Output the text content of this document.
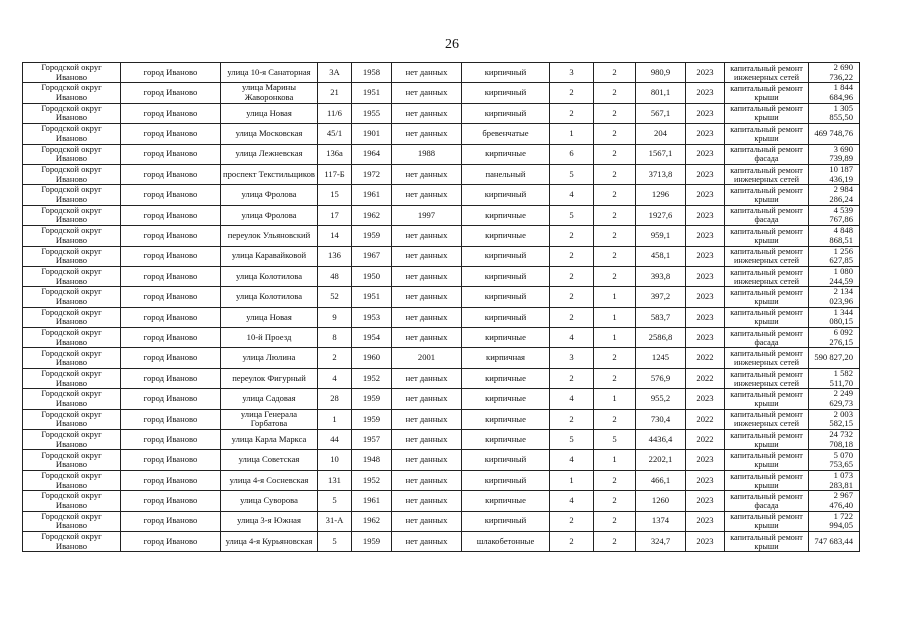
26
Городской округ Иваново	город Иваново	улица 10-я Санаторная	3А	1958	нет данных	кирпичный	3	2	980,9	2023	капитальный ремонт инженерных сетей	2 690 736,22
Городской округ Иваново	город Иваново	улица Марины Жаворонкова	21	1951	нет данных	кирпичный	2	2	801,1	2023	капитальный ремонт крыши	1 844 684,96
Городской округ Иваново	город Иваново	улица Новая	11/6	1955	нет данных	кирпичный	2	2	567,1	2023	капитальный ремонт крыши	1 305 855,50
Городской округ Иваново	город Иваново	улица Московская	45/1	1901	нет данных	бревенчатые	1	2	204	2023	капитальный ремонт крыши	469 748,76
Городской округ Иваново	город Иваново	улица Лежневская	136а	1964	1988	кирпичные	6	2	1567,1	2023	капитальный ремонт фасада	3 690 739,89
Городской округ Иваново	город Иваново	проспект Текстильщиков	117-Б	1972	нет данных	панельный	5	2	3713,8	2023	капитальный ремонт инженерных сетей	10 187 436,19
Городской округ Иваново	город Иваново	улица Фролова	15	1961	нет данных	кирпичный	4	2	1296	2023	капитальный ремонт крыши	2 984 286,24
Городской округ Иваново	город Иваново	улица Фролова	17	1962	1997	кирпичные	5	2	1927,6	2023	капитальный ремонт фасада	4 539 767,86
Городской округ Иваново	город Иваново	переулок Ульяновский	14	1959	нет данных	кирпичные	2	2	959,1	2023	капитальный ремонт крыши	4 848 868,51
Городской округ Иваново	город Иваново	улица Каравайковой	136	1967	нет данных	кирпичный	2	2	458,1	2023	капитальный ремонт инженерных сетей	1 256 627,85
Городской округ Иваново	город Иваново	улица Колотилова	48	1950	нет данных	кирпичный	2	2	393,8	2023	капитальный ремонт инженерных сетей	1 080 244,59
Городской округ Иваново	город Иваново	улица Колотилова	52	1951	нет данных	кирпичный	2	1	397,2	2023	капитальный ремонт крыши	2 134 023,96
Городской округ Иваново	город Иваново	улица Новая	9	1953	нет данных	кирпичный	2	1	583,7	2023	капитальный ремонт крыши	1 344 080,15
Городской округ Иваново	город Иваново	10-й Проезд	8	1954	нет данных	кирпичные	4	1	2586,8	2023	капитальный ремонт фасада	6 092 276,15
Городской округ Иваново	город Иваново	улица Люлина	2	1960	2001	кирпичная	3	2	1245	2022	капитальный ремонт инженерных сетей	590 827,20
Городской округ Иваново	город Иваново	переулок Фигурный	4	1952	нет данных	кирпичные	2	2	576,9	2022	капитальный ремонт инженерных сетей	1 582 511,70
Городской округ Иваново	город Иваново	улица Садовая	28	1959	нет данных	кирпичные	4	1	955,2	2023	капитальный ремонт крыши	2 249 629,73
Городской округ Иваново	город Иваново	улица Генерала Горбатова	1	1959	нет данных	кирпичные	2	2	730,4	2022	капитальный ремонт инженерных сетей	2 003 582,15
Городской округ Иваново	город Иваново	улица Карла Маркса	44	1957	нет данных	кирпичные	5	5	4436,4	2022	капитальный ремонт крыши	24 732 708,18
Городской округ Иваново	город Иваново	улица Советская	10	1948	нет данных	кирпичный	4	1	2202,1	2023	капитальный ремонт крыши	5 070 753,65
Городской округ Иваново	город Иваново	улица 4-я Сосневская	131	1952	нет данных	кирпичный	1	2	466,1	2023	капитальный ремонт крыши	1 073 283,81
Городской округ Иваново	город Иваново	улица Суворова	5	1961	нет данных	кирпичные	4	2	1260	2023	капитальный ремонт фасада	2 967 476,40
Городской округ Иваново	город Иваново	улица 3-я Южная	31-А	1962	нет данных	кирпичный	2	2	1374	2023	капитальный ремонт крыши	1 722 994,05
Городской округ Иваново	город Иваново	улица 4-я Курьяновская	5	1959	нет данных	шлакобетонные	2	2	324,7	2023	капитальный ремонт крыши	747 683,44
